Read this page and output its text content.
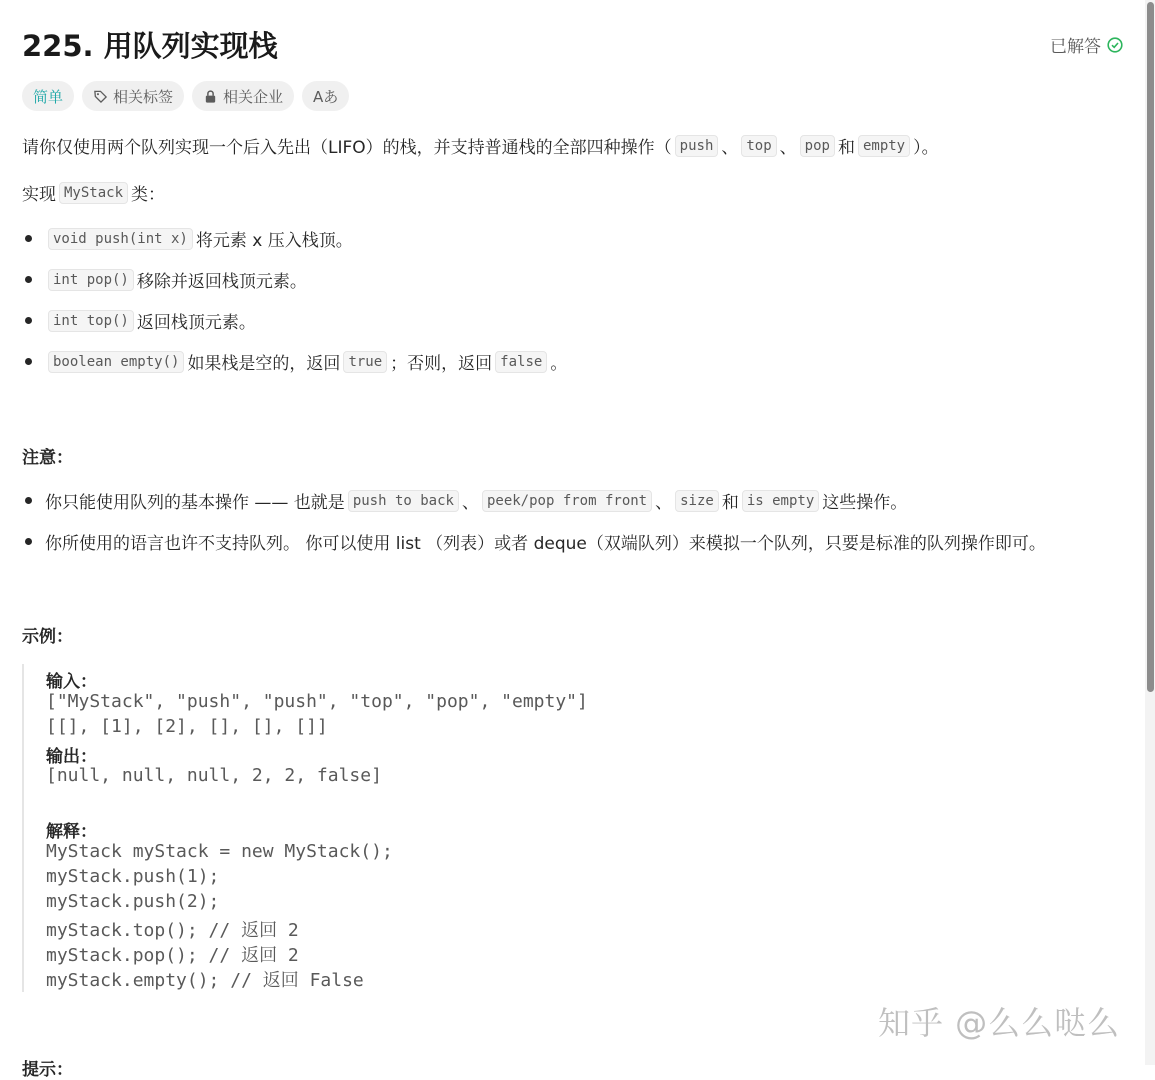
225. 用队列实现栈	已解答
简单	相关标签	相关企业 Aあ
请你仅使用两个队列实现一个后入先出（LIFO）的栈，并支持普通栈的全部四种操作（ push 、 top 、 pop 和 empty ）。
实现 MyStack 类：
void push(int x) 将元素 x 压入栈顶。
int pop() 移除并返回栈顶元素。
int top() 返回栈顶元素。
boolean empty() 如果栈是空的，返回 true ；否则，返回 false 。
注意：
你只能使用队列的基本操作 —— 也就是 push to back 、 peek/pop from front 、 size 和 is empty 这些操作。
你所使用的语言也许不支持队列。 你可以使用 list （列表）或者 deque（双端队列）来模拟一个队列，只要是标准的队列操作即可。
示例：
输入：
["MyStack", "push", "push", "top", "pop", "empty"]
[[], [1], [2], [], [], []]
输出：
[null, null, null, 2, 2, false]
解释：
MyStack myStack = new MyStack();
myStack.push(1);
myStack.push(2);
myStack.top(); // 返回 2
myStack.pop(); // 返回 2
myStack.empty(); // 返回 False
提示：
知乎 @么么哒么
